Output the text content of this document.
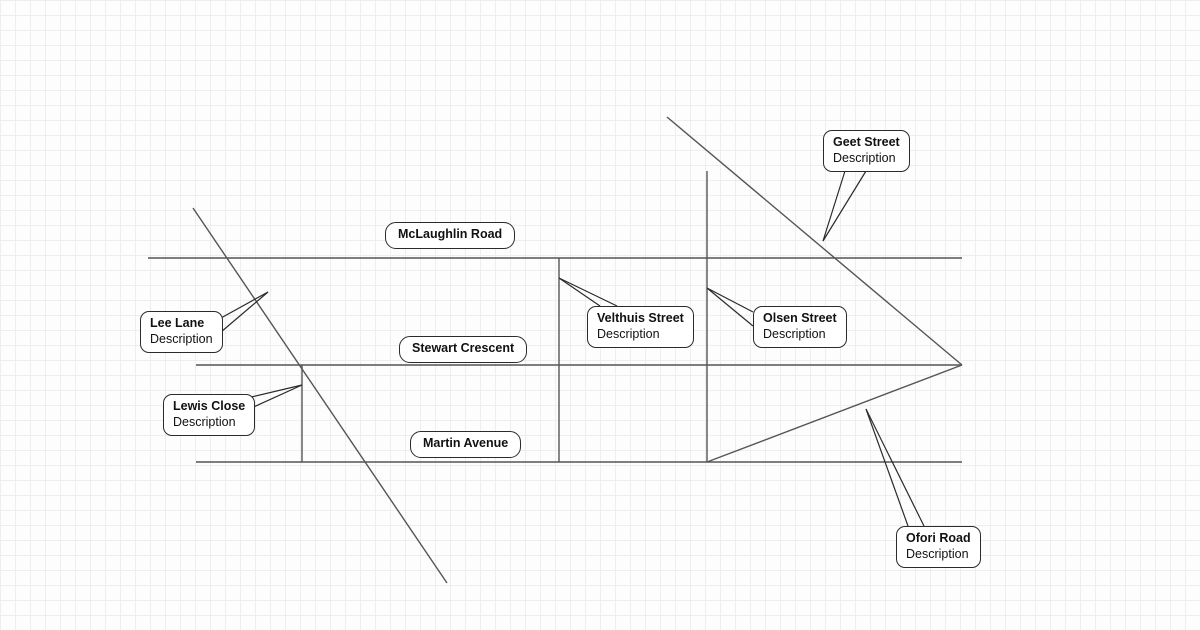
McLaughlin Road
Stewart Crescent
Martin Avenue
Geet Street
Description
Lee Lane
Description
Velthuis Street
Description
Olsen Street
Description
Lewis Close
Description
Ofori Road
Description
